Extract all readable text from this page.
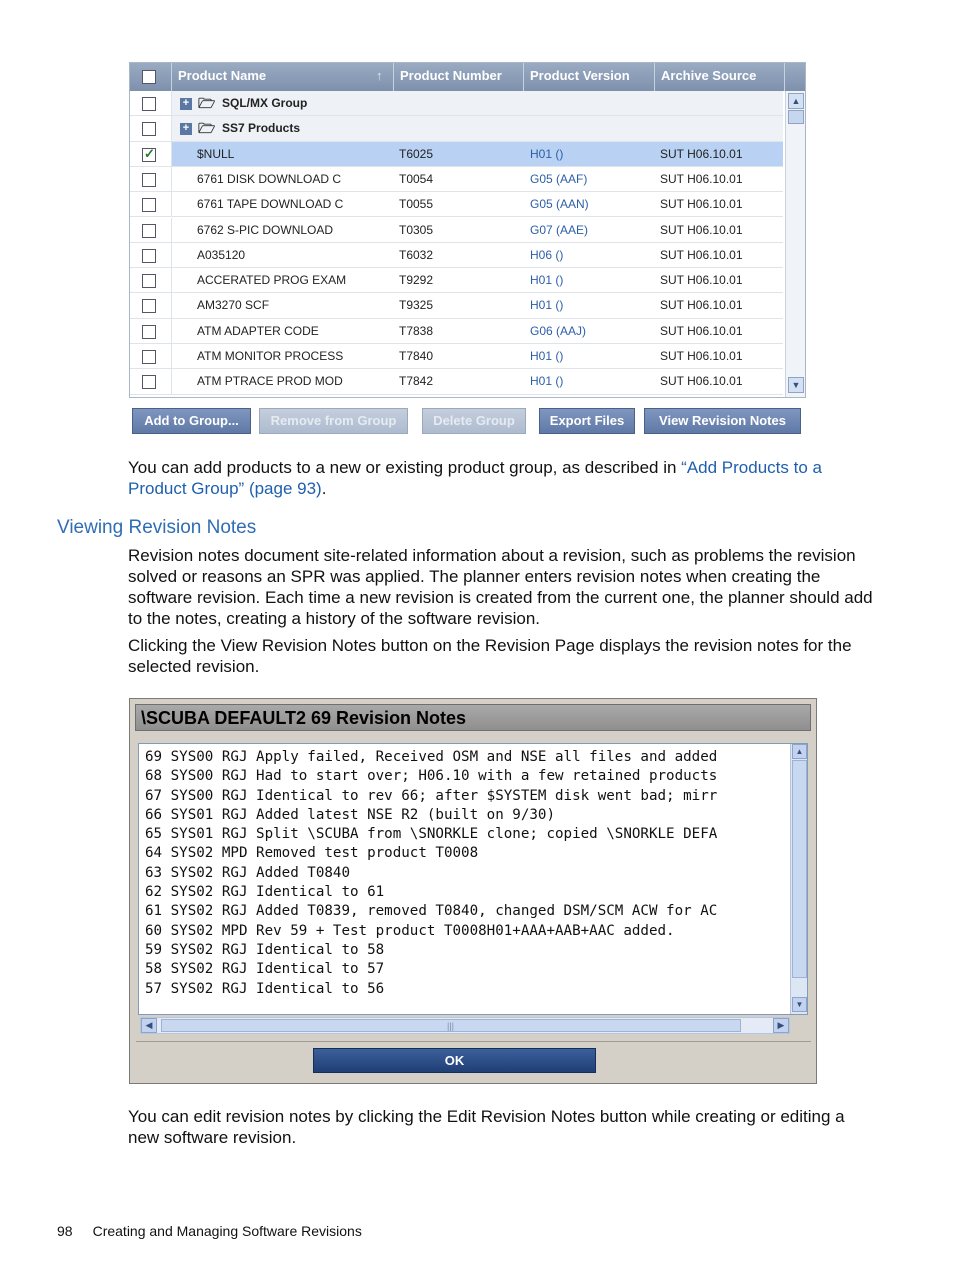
Product Name	↑	Product Number	Product Version	Archive Source
+ 🗁 SQL/MX Group
+ 🗁 SS7 Products
✓
$NULL	T6025	H01 ()	SUT H06.10.01
6761 DISK DOWNLOAD C	T0054	G05 (AAF)	SUT H06.10.01
6761 TAPE DOWNLOAD C	T0055	G05 (AAN)	SUT H06.10.01
6762 S-PIC DOWNLOAD	T0305	G07 (AAE)	SUT H06.10.01
A035120	T6032	H06 ()	SUT H06.10.01
ACCERATED PROG EXAM	T9292	H01 ()	SUT H06.10.01
AM3270 SCF	T9325	H01 ()	SUT H06.10.01
ATM ADAPTER CODE	T7838	G06 (AAJ)	SUT H06.10.01
ATM MONITOR PROCESS	T7840	H01 ()	SUT H06.10.01
ATM PTRACE PROD MOD	T7842	H01 ()	SUT H06.10.01
▲
▼
Add to Group...	Remove from Group	Delete Group	Export Files	View Revision Notes
You can add products to a new or existing product group, as described in “Add Products to a Product Group” (page 93).
Viewing Revision Notes
Revision notes document site-related information about a revision, such as problems the revision solved or reasons an SPR was applied. The planner enters revision notes when creating the software revision. Each time a new revision is created from the current one, the planner should add to the notes, creating a history of the software revision.
Clicking the View Revision Notes button on the Revision Page displays the revision notes for the selected revision.
\SCUBA DEFAULT2 69 Revision Notes
69 SYS00 RGJ Apply failed, Received OSM and NSE all files and added
68 SYS00 RGJ Had to start over; H06.10 with a few retained products
67 SYS00 RGJ Identical to rev 66; after $SYSTEM disk went bad; mirr
66 SYS01 RGJ Added latest NSE R2 (built on 9/30)
65 SYS01 RGJ Split \SCUBA from \SNORKLE clone; copied \SNORKLE DEFA
64 SYS02 MPD Removed test product T0008
63 SYS02 RGJ Added T0840
62 SYS02 RGJ Identical to 61
61 SYS02 RGJ Added T0839, removed T0840, changed DSM/SCM ACW for AC
60 SYS02 MPD Rev 59 + Test product T0008H01+AAA+AAB+AAC added.
59 SYS02 RGJ Identical to 58
58 SYS02 RGJ Identical to 57
57 SYS02 RGJ Identical to 56
▲
▼
◀	|||	▶
OK
You can edit revision notes by clicking the Edit Revision Notes button while creating or editing a new software revision.
98 Creating and Managing Software Revisions
